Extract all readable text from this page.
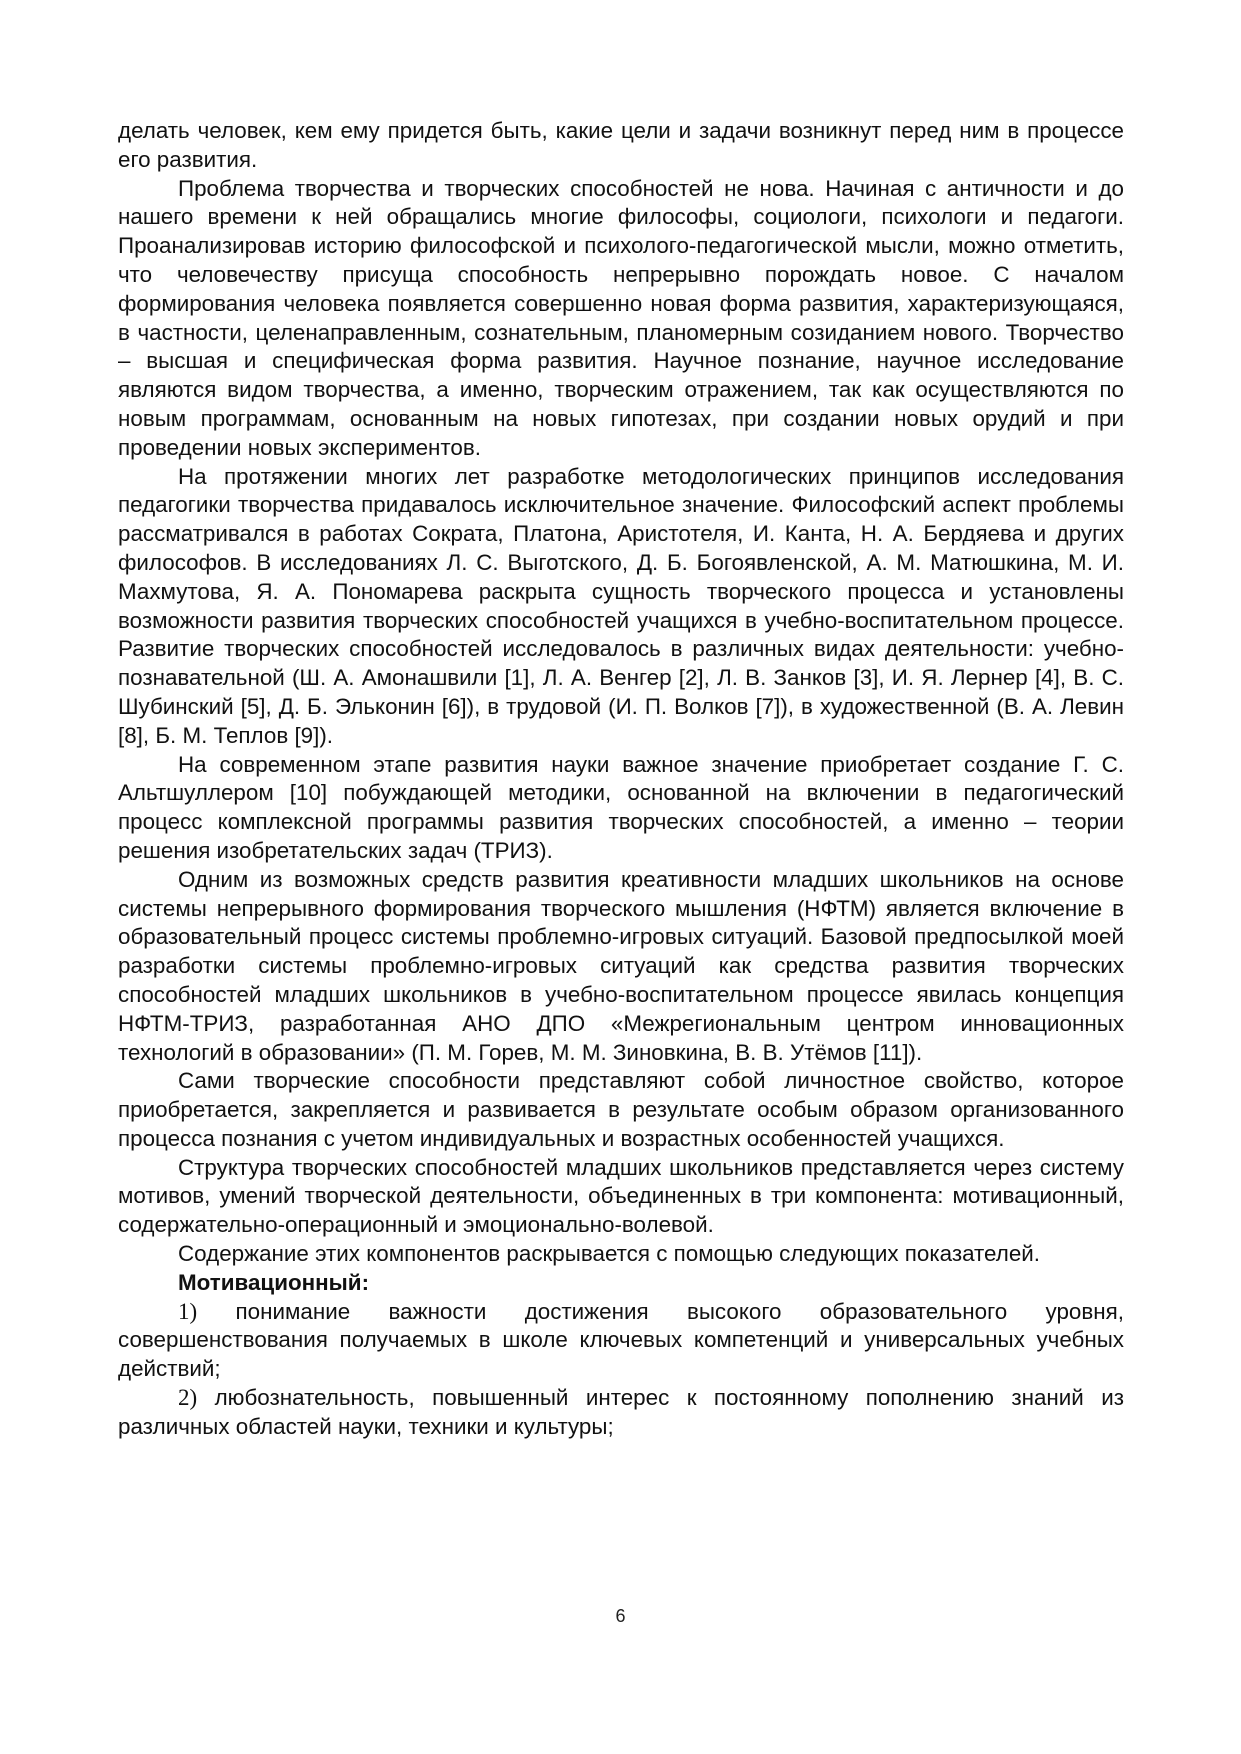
делать человек, кем ему придется быть, какие цели и задачи возникнут перед ним в процессе его развития.

Проблема творчества и творческих способностей не нова. Начиная с античности и до нашего времени к ней обращались многие философы, социологи, психологи и педагоги. Проанализировав историю философской и психолого-педагогической мысли, можно отметить, что человечеству присуща способность непрерывно порождать новое. С началом формирования человека появляется совершенно новая форма развития, характеризующаяся, в частности, целенаправленным, сознательным, планомерным созиданием нового. Творчество – высшая и специфическая форма развития. Научное познание, научное исследование являются видом творчества, а именно, творческим отражением, так как осуществляются по новым программам, основанным на новых гипотезах, при создании новых орудий и при проведении новых экспериментов.

На протяжении многих лет разработке методологических принципов исследования педагогики творчества придавалось исключительное значение. Философский аспект проблемы рассматривался в работах Сократа, Платона, Аристотеля, И. Канта, Н. А. Бердяева и других философов. В исследованиях Л. С. Выготского, Д. Б. Богоявленской, А. М. Матюшкина, М. И. Махмутова, Я. А. Пономарева раскрыта сущность творческого процесса и установлены возможности развития творческих способностей учащихся в учебно-воспитательном процессе. Развитие творческих способностей исследовалось в различных видах деятельности: учебно-познавательной (Ш. А. Амонашвили [1], Л. А. Венгер [2], Л. В. Занков [3], И. Я. Лернер [4], В. С. Шубинский [5], Д. Б. Эльконин [6]), в трудовой (И. П. Волков [7]), в художественной (В. А. Левин [8], Б. М. Теплов [9]).

На современном этапе развития науки важное значение приобретает создание Г. С. Альтшуллером [10] побуждающей методики, основанной на включении в педагогический процесс комплексной программы развития творческих способностей, а именно – теории решения изобретательских задач (ТРИЗ).

Одним из возможных средств развития креативности младших школьников на основе системы непрерывного формирования творческого мышления (НФТМ) является включение в образовательный процесс системы проблемно-игровых ситуаций. Базовой предпосылкой моей разработки системы проблемно-игровых ситуаций как средства развития творческих способностей младших школьников в учебно-воспитательном процессе явилась концепция НФТМ-ТРИЗ, разработанная АНО ДПО «Межрегиональным центром инновационных технологий в образовании» (П. М. Горев, М. М. Зиновкина, В. В. Утёмов [11]).

Сами творческие способности представляют собой личностное свойство, которое приобретается, закрепляется и развивается в результате особым образом организованного процесса познания с учетом индивидуальных и возрастных особенностей учащихся.

Структура творческих способностей младших школьников представляется через систему мотивов, умений творческой деятельности, объединенных в три компонента: мотивационный, содержательно-операционный и эмоционально-волевой.

Содержание этих компонентов раскрывается с помощью следующих показателей.

Мотивационный:

1) понимание важности достижения высокого образовательного уровня, совершенствования получаемых в школе ключевых компетенций и универсальных учебных действий;

2) любознательность, повышенный интерес к постоянному пополнению знаний из различных областей науки, техники и культуры;

6
